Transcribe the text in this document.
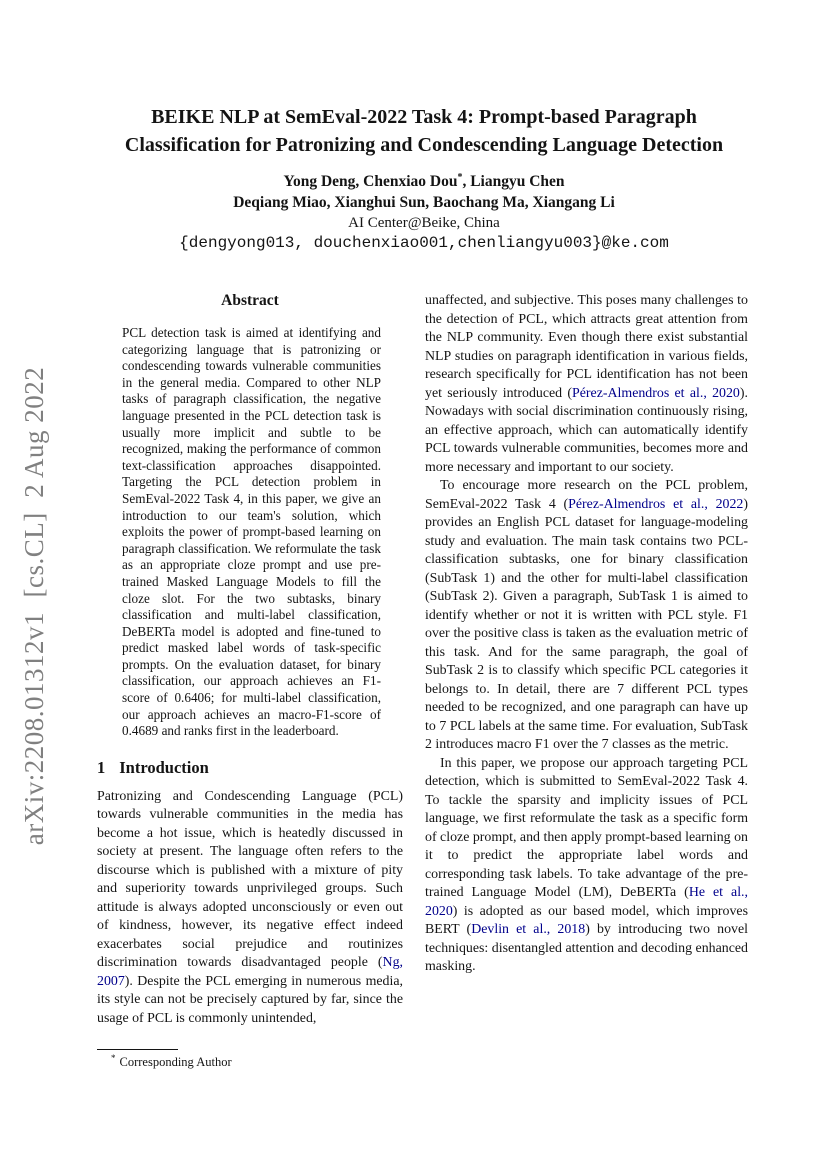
arXiv:2208.01312v1  [cs.CL]  2 Aug 2022
BEIKE NLP at SemEval-2022 Task 4: Prompt-based Paragraph
Classification for Patronizing and Condescending Language Detection
Yong Deng, Chenxiao Dou*, Liangyu Chen
Deqiang Miao, Xianghui Sun, Baochang Ma, Xiangang Li
AI Center@Beike, China
{dengyong013, douchenxiao001,chenliangyu003}@ke.com
Abstract
PCL detection task is aimed at identifying and categorizing language that is patronizing or condescending towards vulnerable communities in the general media. Compared to other NLP tasks of paragraph classification, the negative language presented in the PCL detection task is usually more implicit and subtle to be recognized, making the performance of common text-classification approaches disappointed. Targeting the PCL detection problem in SemEval-2022 Task 4, in this paper, we give an introduction to our team's solution, which exploits the power of prompt-based learning on paragraph classification. We reformulate the task as an appropriate cloze prompt and use pre-trained Masked Language Models to fill the cloze slot. For the two subtasks, binary classification and multi-label classification, DeBERTa model is adopted and fine-tuned to predict masked label words of task-specific prompts. On the evaluation dataset, for binary classification, our approach achieves an F1-score of 0.6406; for multi-label classification, our approach achieves an macro-F1-score of 0.4689 and ranks first in the leaderboard.
1 Introduction

Patronizing and Condescending Language (PCL) towards vulnerable communities in the media has become a hot issue, which is heatedly discussed in society at present. The language often refers to the discourse which is published with a mixture of pity and superiority towards unprivileged groups. Such attitude is always adopted unconsciously or even out of kindness, however, its negative effect indeed exacerbates social prejudice and routinizes discrimination towards disadvantaged people (Ng, 2007). Despite the PCL emerging in numerous media, its style can not be precisely captured by far, since the usage of PCL is commonly unintended,

unaffected, and subjective. This poses many challenges to the detection of PCL, which attracts great attention from the NLP community. Even though there exist substantial NLP studies on paragraph identification in various fields, research specifically for PCL identification has not been yet seriously introduced (Pérez-Almendros et al., 2020). Nowadays with social discrimination continuously rising, an effective approach, which can automatically identify PCL towards vulnerable communities, becomes more and more necessary and important to our society.

To encourage more research on the PCL problem, SemEval-2022 Task 4 (Pérez-Almendros et al., 2022) provides an English PCL dataset for language-modeling study and evaluation. The main task contains two PCL-classification subtasks, one for binary classification (SubTask 1) and the other for multi-label classification (SubTask 2). Given a paragraph, SubTask 1 is aimed to identify whether or not it is written with PCL style. F1 over the positive class is taken as the evaluation metric of this task. And for the same paragraph, the goal of SubTask 2 is to classify which specific PCL categories it belongs to. In detail, there are 7 different PCL types needed to be recognized, and one paragraph can have up to 7 PCL labels at the same time. For evaluation, SubTask 2 introduces macro F1 over the 7 classes as the metric.

In this paper, we propose our approach targeting PCL detection, which is submitted to SemEval-2022 Task 4. To tackle the sparsity and implicity issues of PCL language, we first reformulate the task as a specific form of cloze prompt, and then apply prompt-based learning on it to predict the appropriate label words and corresponding task labels. To take advantage of the pre-trained Language Model (LM), DeBERTa (He et al., 2020) is adopted as our based model, which improves BERT (Devlin et al., 2018) by introducing two novel techniques: disentangled attention and decoding enhanced masking.

* Corresponding Author
